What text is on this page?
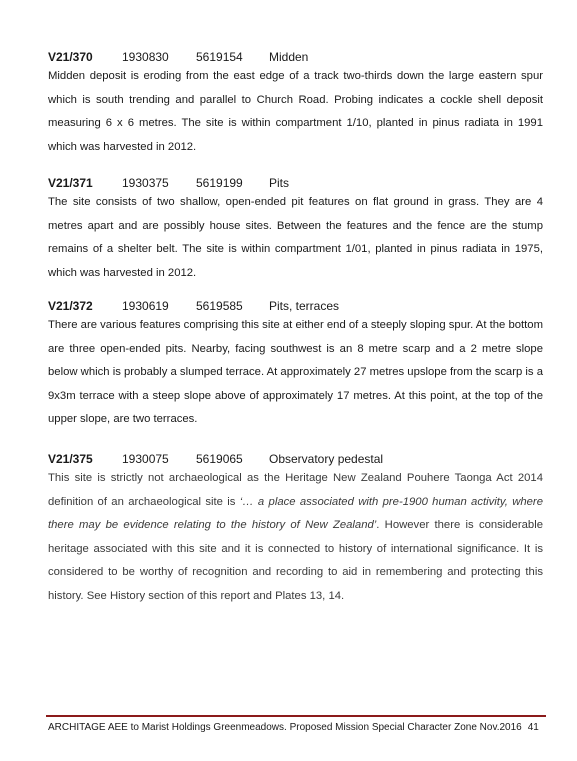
V21/370	1930830	5619154	Midden

Midden deposit is eroding from the east edge of a track two-thirds down the large eastern spur which is south trending and parallel to Church Road. Probing indicates a cockle shell deposit measuring 6 x 6 metres. The site is within compartment 1/10, planted in pinus radiata in 1991 which was harvested in 2012.

V21/371	1930375	5619199	Pits

The site consists of two shallow, open-ended pit features on flat ground in grass. They are 4 metres apart and are possibly house sites. Between the features and the fence are the stump remains of a shelter belt. The site is within compartment 1/01, planted in pinus radiata in 1975, which was harvested in 2012.

V21/372	1930619	5619585	Pits, terraces

There are various features comprising this site at either end of a steeply sloping spur. At the bottom are three open-ended pits. Nearby, facing southwest is an 8 metre scarp and a 2 metre slope below which is probably a slumped terrace. At approximately 27 metres upslope from the scarp is a 9x3m terrace with a steep slope above of approximately 17 metres. At this point, at the top of the upper slope, are two terraces.

V21/375	1930075	5619065	Observatory pedestal

This site is strictly not archaeological as the Heritage New Zealand Pouhere Taonga Act 2014 definition of an archaeological site is ‘… a place associated with pre-1900 human activity, where there may be evidence relating to the history of New Zealand’. However there is considerable heritage associated with this site and it is connected to history of international significance. It is considered to be worthy of recognition and recording to aid in remembering and protecting this history. See History section of this report and Plates 13, 14.

ARCHITAGE AEE to Marist Holdings Greenmeadows. Proposed Mission Special Character Zone Nov.2016 41
